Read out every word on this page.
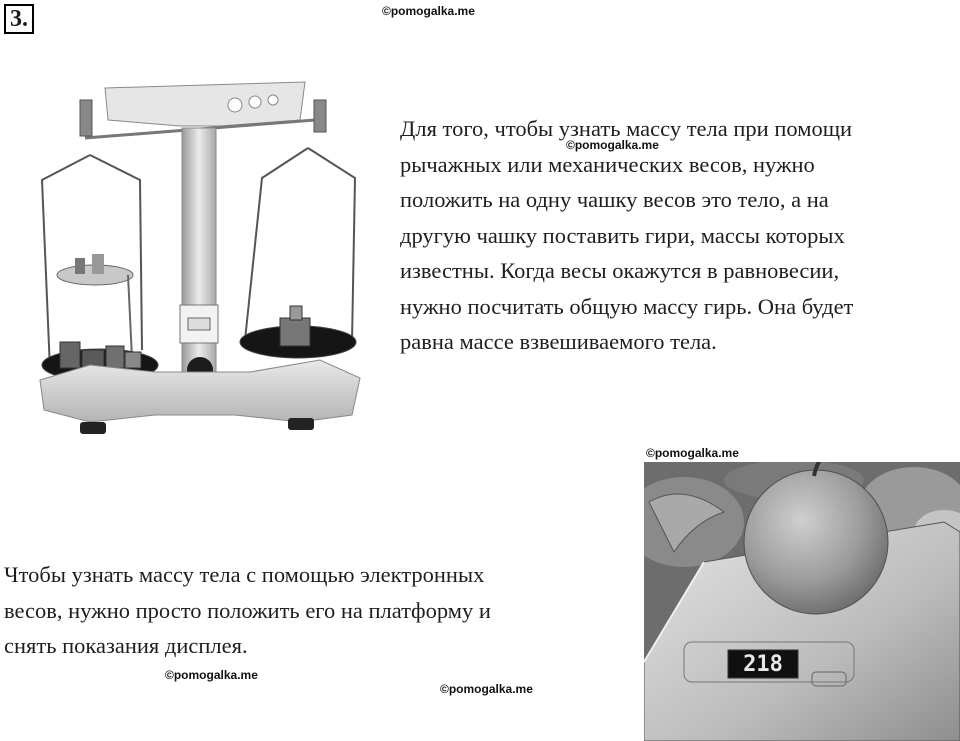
3.	©pomogalka.me
©pomogalka.me
©pomogalka.me
©pomogalka.me
©pomogalka.me
Для того, чтобы узнать массу тела при помощи
рычажных или механических весов, нужно
положить на одну чашку весов это тело, а на
другую чашку поставить гири, массы которых
известны. Когда весы окажутся в равновесии,
нужно посчитать общую массу гирь. Она будет
равна массе взвешиваемого тела.
218
Чтобы узнать массу тела с помощью электронных
весов, нужно просто положить его на платформу и
снять показания дисплея.
